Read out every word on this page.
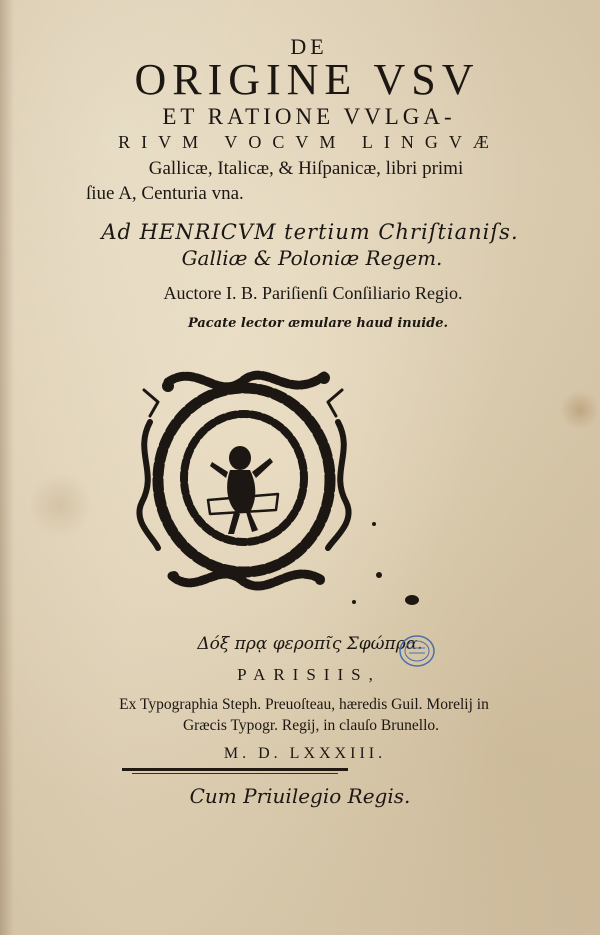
DE
ORIGINE VSV
ET RATIONE VVLGA-
RIVM VOCVM LINGVÆ
Gallicæ, Italicæ, & Hiſpanicæ, libri primi
ſiue A, Centuria vna.
Ad HENRICVM tertium Chriſtianiſs.
Galliæ & Poloniæ Regem.
Auctore I. B. Pariſienſi Conſiliario Regio.
Pacate lector æmulare haud inuide.
Δόξ πρᾳ φεροπῖς Σφώπρα.
PARISIIS,
Ex Typographia Steph. Preuoſteau, hæredis Guil. Morelij in
Græcis Typogr. Regij, in clauſo Brunello.
M. D. LXXXIII.
Cum Priuilegio Regis.
